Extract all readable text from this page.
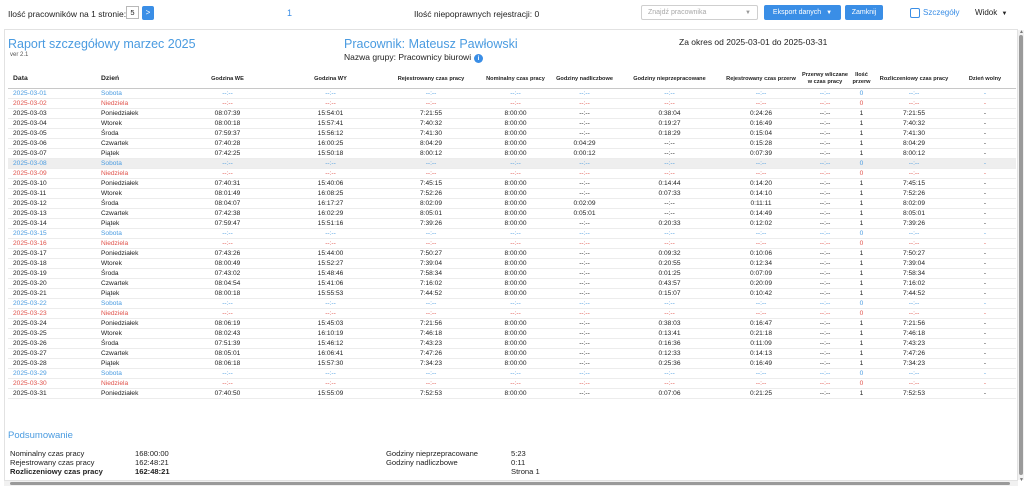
Ilość pracowników na 1 stronie: 5	>	1	Ilość niepoprawnych rejestracji: 0	Znajdź pracownika	▼	Eksport danych ▼	Zamknij	Szczegóły Widok ▼
▲
▼
Raport szczegółowy marzec 2025
ver 2.1
Pracownik: Mateusz Pawłowski
Nazwa grupy: Pracownicy biurowi i
Za okres od 2025-03-01 do 2025-03-31
Data	Dzień	Godzina WE	Godzina WY	Rejestrowany czas pracy	Nominalny czas pracy	Godziny nadliczbowe	Godziny nieprzepracowane	Rejestrowany czas przerw	Przerwy wliczane w czas pracy	Ilość przerw	Rozliczeniowy czas pracy	Dzień wolny
2025-03-01	Sobota	--:--	--:--	--:--	--:--	--:--	--:--	--:--	--:--	0	--:--	-
2025-03-02	Niedziela	--:--	--:--	--:--	--:--	--:--	--:--	--:--	--:--	0	--:--	-
2025-03-03	Poniedziałek	08:07:39	15:54:01	7:21:55	8:00:00	--:--	0:38:04	0:24:26	--:--	1	7:21:55	-
2025-03-04	Wtorek	08:00:18	15:57:41	7:40:32	8:00:00	--:--	0:19:27	0:16:49	--:--	1	7:40:32	-
2025-03-05	Środa	07:59:37	15:56:12	7:41:30	8:00:00	--:--	0:18:29	0:15:04	--:--	1	7:41:30	-
2025-03-06	Czwartek	07:40:28	16:00:25	8:04:29	8:00:00	0:04:29	--:--	0:15:28	--:--	1	8:04:29	-
2025-03-07	Piątek	07:42:25	15:50:18	8:00:12	8:00:00	0:00:12	--:--	0:07:39	--:--	1	8:00:12	-
2025-03-08	Sobota	--:--	--:--	--:--	--:--	--:--	--:--	--:--	--:--	0	--:--	-
2025-03-09	Niedziela	--:--	--:--	--:--	--:--	--:--	--:--	--:--	--:--	0	--:--	-
2025-03-10	Poniedziałek	07:40:31	15:40:06	7:45:15	8:00:00	--:--	0:14:44	0:14:20	--:--	1	7:45:15	-
2025-03-11	Wtorek	08:01:49	16:08:25	7:52:26	8:00:00	--:--	0:07:33	0:14:10	--:--	1	7:52:26	-
2025-03-12	Środa	08:04:07	16:17:27	8:02:09	8:00:00	0:02:09	--:--	0:11:11	--:--	1	8:02:09	-
2025-03-13	Czwartek	07:42:38	16:02:29	8:05:01	8:00:00	0:05:01	--:--	0:14:49	--:--	1	8:05:01	-
2025-03-14	Piątek	07:59:47	15:51:16	7:39:26	8:00:00	--:--	0:20:33	0:12:02	--:--	1	7:39:26	-
2025-03-15	Sobota	--:--	--:--	--:--	--:--	--:--	--:--	--:--	--:--	0	--:--	-
2025-03-16	Niedziela	--:--	--:--	--:--	--:--	--:--	--:--	--:--	--:--	0	--:--	-
2025-03-17	Poniedziałek	07:43:26	15:44:00	7:50:27	8:00:00	--:--	0:09:32	0:10:06	--:--	1	7:50:27	-
2025-03-18	Wtorek	08:00:49	15:52:27	7:39:04	8:00:00	--:--	0:20:55	0:12:34	--:--	1	7:39:04	-
2025-03-19	Środa	07:43:02	15:48:46	7:58:34	8:00:00	--:--	0:01:25	0:07:09	--:--	1	7:58:34	-
2025-03-20	Czwartek	08:04:54	15:41:06	7:16:02	8:00:00	--:--	0:43:57	0:20:09	--:--	1	7:16:02	-
2025-03-21	Piątek	08:00:18	15:55:53	7:44:52	8:00:00	--:--	0:15:07	0:10:42	--:--	1	7:44:52	-
2025-03-22	Sobota	--:--	--:--	--:--	--:--	--:--	--:--	--:--	--:--	0	--:--	-
2025-03-23	Niedziela	--:--	--:--	--:--	--:--	--:--	--:--	--:--	--:--	0	--:--	-
2025-03-24	Poniedziałek	08:06:19	15:45:03	7:21:56	8:00:00	--:--	0:38:03	0:16:47	--:--	1	7:21:56	-
2025-03-25	Wtorek	08:02:43	16:10:19	7:46:18	8:00:00	--:--	0:13:41	0:21:18	--:--	1	7:46:18	-
2025-03-26	Środa	07:51:39	15:46:12	7:43:23	8:00:00	--:--	0:16:36	0:11:09	--:--	1	7:43:23	-
2025-03-27	Czwartek	08:05:01	16:06:41	7:47:26	8:00:00	--:--	0:12:33	0:14:13	--:--	1	7:47:26	-
2025-03-28	Piątek	08:06:18	15:57:30	7:34:23	8:00:00	--:--	0:25:36	0:16:49	--:--	1	7:34:23	-
2025-03-29	Sobota	--:--	--:--	--:--	--:--	--:--	--:--	--:--	--:--	0	--:--	-
2025-03-30	Niedziela	--:--	--:--	--:--	--:--	--:--	--:--	--:--	--:--	0	--:--	-
2025-03-31	Poniedziałek	07:40:50	15:55:09	7:52:53	8:00:00	--:--	0:07:06	0:21:25	--:--	1	7:52:53	-
Podsumowanie
Nominalny czas pracy	168:00:00
Rejestrowany czas pracy	162:48:21
Rozliczeniowy czas pracy	162:48:21
Godziny nieprzepracowane	5:23
Godziny nadliczbowe	0:11
Strona 1
